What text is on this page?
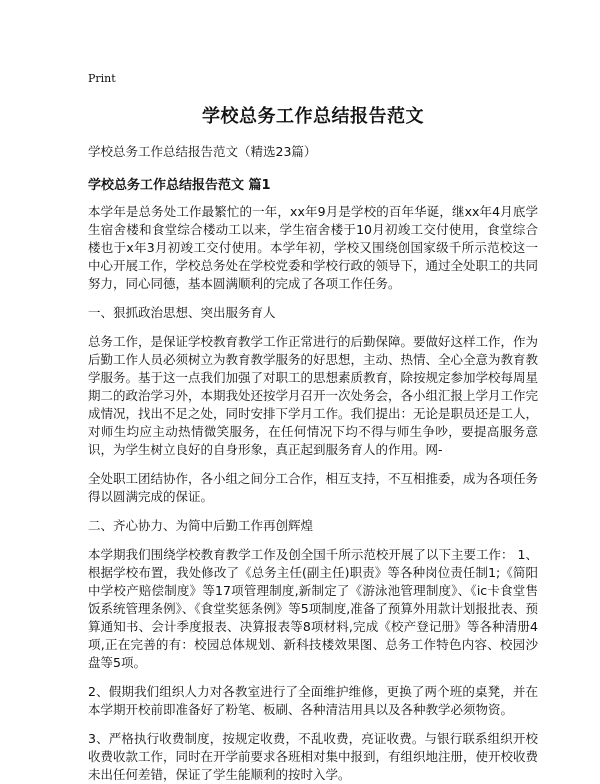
Print
学校总务工作总结报告范文
学校总务工作总结报告范文（精选23篇）
学校总务工作总结报告范文 篇1

本学年是总务处工作最繁忙的一年，xx年9月是学校的百年华诞，继xx年4月底学生宿舍楼和食堂综合楼动工以来，学生宿舍楼于10月初竣工交付使用，食堂综合楼也于x年3月初竣工交付使用。本学年初，学校又围绕创国家级千所示范校这一中心开展工作，学校总务处在学校党委和学校行政的领导下，通过全处职工的共同努力，同心同德，基本圆满顺利的完成了各项工作任务。

一、狠抓政治思想、突出服务育人

总务工作，是保证学校教育教学工作正常进行的后勤保障。要做好这样工作，作为后勤工作人员必须树立为教育教学服务的好思想，主动、热情、全心全意为教育教学服务。基于这一点我们加强了对职工的思想素质教育，除按规定参加学校每周星期二的政治学习外，本期我处还按学月召开一次处务会，各小组汇报上学月工作完成情况，找出不足之处，同时安排下学月工作。我们提出：无论是职员还是工人，对师生均应主动热情微笑服务，在任何情况下均不得与师生争吵，要提高服务意识，为学生树立良好的自身形象，真正起到服务育人的作用。网-

全处职工团结协作，各小组之间分工合作，相互支持，不互相推委，成为各项任务得以圆满完成的保证。

二、齐心协力、为简中后勤工作再创辉煌

本学期我们围绕学校教育教学工作及创全国千所示范校开展了以下主要工作： 1、根据学校布置，我处修改了《总务主任(副主任)职责》等各种岗位责任制1;《简阳中学校产赔偿制度》等17项管理制度,新制定了《游泳池管理制度》、《ic卡食堂售饭系统管理条例》、《食堂奖惩条例》等5项制度,准备了预算外用款计划报批表、预算通知书、会计季度报表、决算报表等8项材料,完成《校产登记册》等各种清册4项,正在完善的有：校园总体规划、新科技楼效果图、总务工作特色内容、校园沙盘等5项。

2、假期我们组织人力对各教室进行了全面维护维修，更换了两个班的桌凳，并在本学期开校前即准备好了粉笔、板刷、各种清洁用具以及各种教学必须物资。

3、严格执行收费制度，按规定收费，不乱收费，亮证收费。与银行联系组织开校收费收款工作，同时在开学前要求各班相对集中报到，有组织地注册，使开校收费未出任何差错，保证了学生能顺利的按时入学。
